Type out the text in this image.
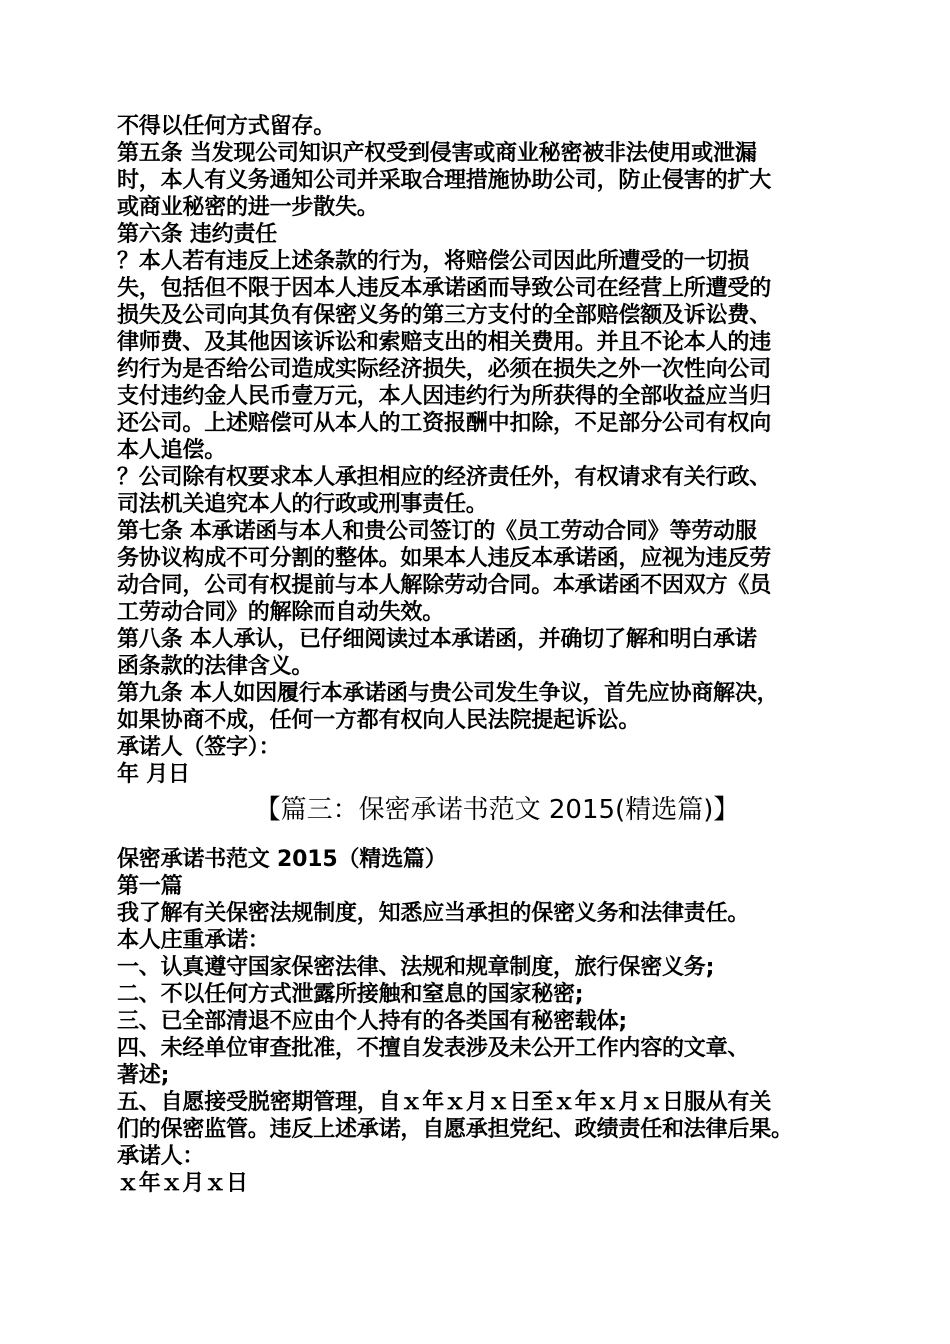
不得以任何方式留存。
第五条 当发现公司知识产权受到侵害或商业秘密被非法使用或泄漏
时，本人有义务通知公司并采取合理措施协助公司，防止侵害的扩大
或商业秘密的进一步散失。
第六条 违约责任
？本人若有违反上述条款的行为，将赔偿公司因此所遭受的一切损
失，包括但不限于因本人违反本承诺函而导致公司在经营上所遭受的
损失及公司向其负有保密义务的第三方支付的全部赔偿额及诉讼费、
律师费、及其他因该诉讼和索赔支出的相关费用。并且不论本人的违
约行为是否给公司造成实际经济损失，必须在损失之外一次性向公司
支付违约金人民币壹万元，本人因违约行为所获得的全部收益应当归
还公司。上述赔偿可从本人的工资报酬中扣除，不足部分公司有权向
本人追偿。
？公司除有权要求本人承担相应的经济责任外，有权请求有关行政、
司法机关追究本人的行政或刑事责任。
第七条 本承诺函与本人和贵公司签订的《员工劳动合同》等劳动服
务协议构成不可分割的整体。如果本人违反本承诺函，应视为违反劳
动合同，公司有权提前与本人解除劳动合同。本承诺函不因双方《员
工劳动合同》的解除而自动失效。
第八条 本人承认，已仔细阅读过本承诺函，并确切了解和明白承诺
函条款的法律含义。
第九条 本人如因履行本承诺函与贵公司发生争议，首先应协商解决，
如果协商不成，任何一方都有权向人民法院提起诉讼。
承诺人（签字）：
年 月日
【篇三：保密承诺书范文 2015(精选篇)】
保密承诺书范文 2015（精选篇）
第一篇
我了解有关保密法规制度，知悉应当承担的保密义务和法律责任。
本人庄重承诺：
一、认真遵守国家保密法律、法规和规章制度，旅行保密义务;
二、不以任何方式泄露所接触和窒息的国家秘密;
三、已全部清退不应由个人持有的各类国有秘密载体;
四、未经单位审查批准，不擅自发表涉及未公开工作内容的文章、
著述;
五、自愿接受脱密期管理，自ｘ年ｘ月ｘ日至ｘ年ｘ月ｘ日服从有关
们的保密监管。违反上述承诺，自愿承担党纪、政绩责任和法律后果。
承诺人：
ｘ年ｘ月ｘ日
